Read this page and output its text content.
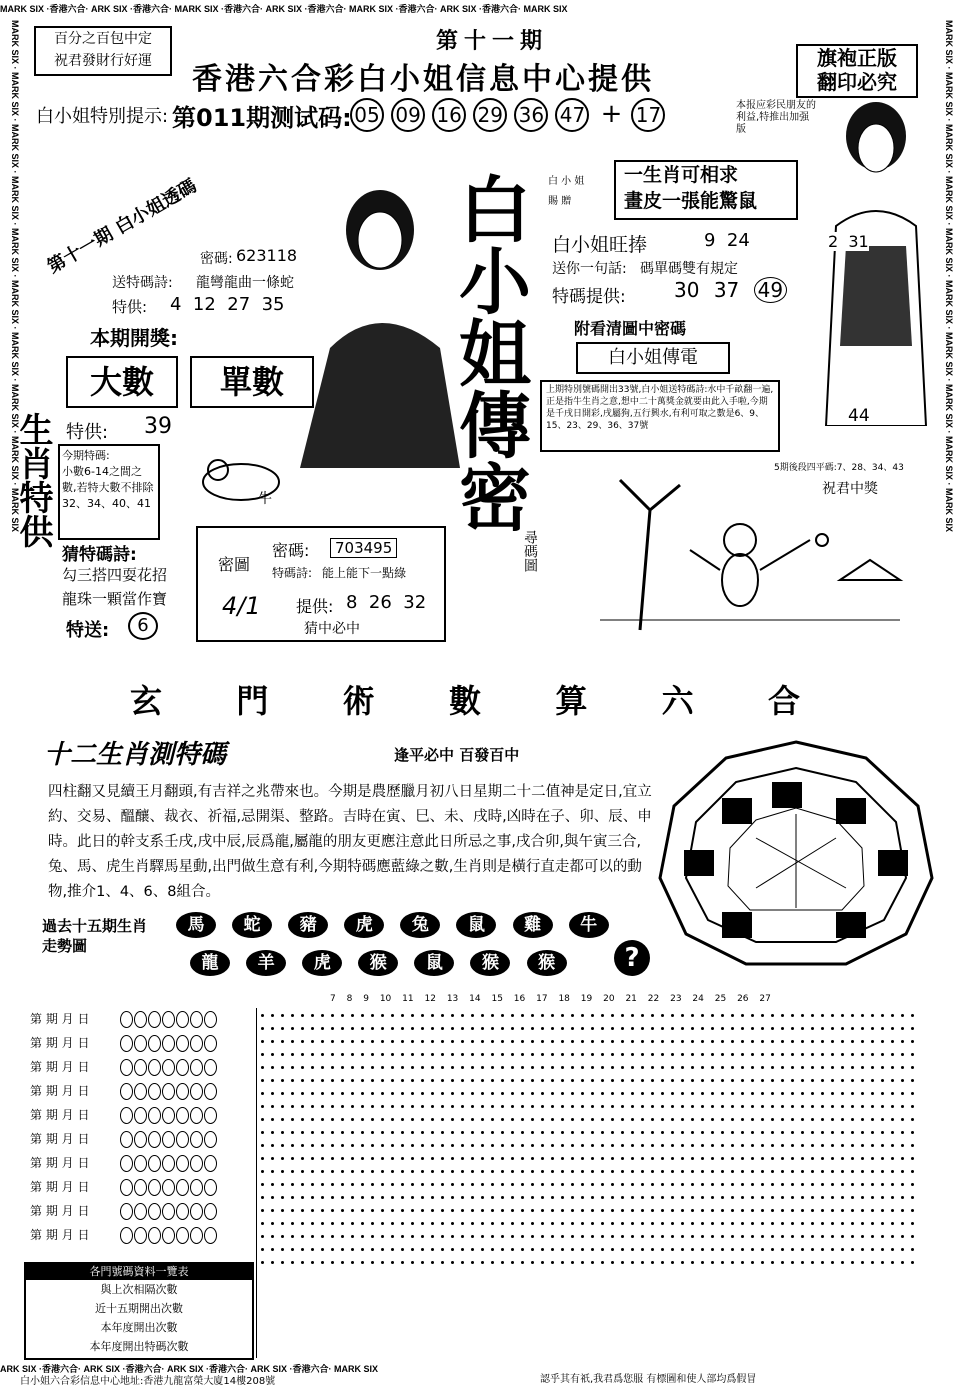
MARK SIX ·香港六合· ARK SIX ·香港六合· MARK SIX ·香港六合· ARK SIX ·香港六合· MARK SIX ·香港六合· ARK SIX ·香港六合· MARK SIX
ARK SIX ·香港六合· ARK SIX ·香港六合· ARK SIX ·香港六合· ARK SIX ·香港六合· MARK SIX
MARK SIX · MARK SIX · MARK SIX · MARK SIX · MARK SIX · MARK SIX · MARK SIX · MARK SIX · MARK SIX · MARK SIX	MARK SIX · MARK SIX · MARK SIX · MARK SIX · MARK SIX · MARK SIX · MARK SIX · MARK SIX · MARK SIX · MARK SIX
百分之百包中定
祝君發財行好運
第十一期
香港六合彩白小姐信息中心提供
旗袍正版
翻印必究
白小姐特別提示: 第011期测试码: 05 09 16 29 36 47 + 17	本报应彩民朋友的利益,特推出加强版
密碼: 623118
第十一期 白小姐透碼
送特碼詩: 龍彎龍曲一條蛇
特供: 4  12  27  35
本期開獎:
大數	單數
特供: 39
生肖特供 今期特碼:
小數6-14之間之數,若特大數不排除32、34、40、41	牛
猜特碼詩:
勾三搭四耍花招
龍珠一顆當作寶
特送:	6
白小姐傳密
尋碼圖
密圖
密碼:	703495
特碼詩: 能上能下一點綠
4/1 提供: 8  26  32
猜中必中
白 小 姐
賜 贈
一生肖可相求
畫皮一張能驚鼠
白小姐旺捧	9  24
送你一句話: 碼單碼雙有規定
特碼提供: 30 37 49
2  31
44
附看清圖中密碼
白小姐傳電
上期特別號碼開出33號,白小姐送特碼詩:水中千畝翻一遍,正是指牛生肖之意,想中二十萬獎金就要由此入手啦,今期是千戌日開彩,戌屬狗,五行興水,有利可取之數是6、9、15、23、29、36、37號
5期後段四平碼:7、28、34、43
祝君中獎
玄 門 術 數 算 六 合
十二生肖測特碼	逢平必中 百發百中
四柱翻又見續王月翻頭,有吉祥之兆帶來也。今期是農歷臘月初八日星期二十二值神是定日,宜立約、交易、醞釀、裁衣、祈福,忌開渠、整路。吉時在寅、巳、未、戌時,凶時在子、卯、辰、申時。此日的幹支系壬戌,戌中辰,辰爲龍,屬龍的朋友更應注意此日所忌之事,戌合卯,與午寅三合,兔、馬、虎生肖驛馬星動,出門做生意有利,今期特碼應藍綠之數,生肖則是橫行直走都可以的動物,推介1、4、6、8組合。
過去十五期生肖走勢圖
馬 蛇 豬 虎 兔 鼠 雞 牛
龍 羊 虎 猴 鼠 猴 猴	?
7 8 9 10 11 12 13 14 15 16 17 18 19 20 21 22 23 24 25 26 27
第 期 月 日
第 期 月 日
第 期 月 日
第 期 月 日
第 期 月 日
第 期 月 日
第 期 月 日
第 期 月 日
第 期 月 日
第 期 月 日
各門號碼資料一覽表
與上次相隔次數
近十五期開出次數
本年度開出次數
本年度開出特碼次數
白小姐六合彩信息中心地址:香港九龍富榮大廈14樓208號	認乎其有祇,我君爲您服 有標圖和使人部均爲假冒
